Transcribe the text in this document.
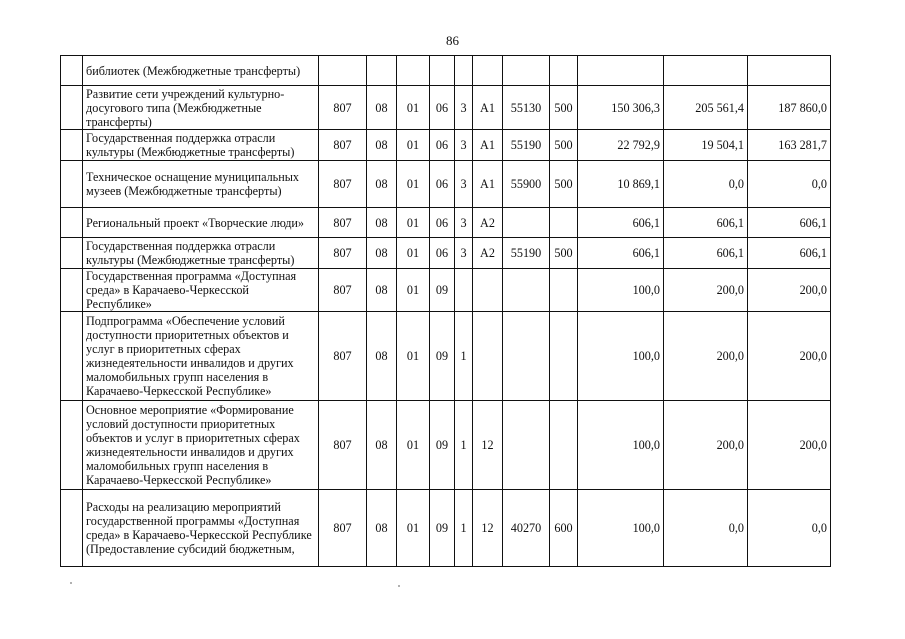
86
	библиотек (Межбюджетные трансферты)											
	Развитие сети учреждений культурно-досугового типа (Межбюджетные трансферты)	807	08	01	06	3	A1	55130	500	150 306,3	205 561,4	187 860,0
	Государственная поддержка отрасли культуры (Межбюджетные трансферты)	807	08	01	06	3	A1	55190	500	22 792,9	19 504,1	163 281,7
	Техническое оснащение муниципальных музеев (Межбюджетные трансферты)	807	08	01	06	3	A1	55900	500	10 869,1	0,0	0,0
	Региональный проект «Творческие люди»	807	08	01	06	3	A2			606,1	606,1	606,1
	Государственная поддержка отрасли культуры (Межбюджетные трансферты)	807	08	01	06	3	A2	55190	500	606,1	606,1	606,1
	Государственная программа «Доступная среда» в Карачаево-Черкесской Республике»	807	08	01	09					100,0	200,0	200,0
	Подпрограмма «Обеспечение условий доступности приоритетных объектов и услуг в приоритетных сферах жизнедеятельности инвалидов и других маломобильных групп населения в Карачаево-Черкесской Республике»	807	08	01	09	1				100,0	200,0	200,0
	Основное мероприятие «Формирование условий доступности приоритетных объектов и услуг в приоритетных сферах жизнедеятельности инвалидов и других маломобильных групп населения в Карачаево-Черкесской Республике»	807	08	01	09	1	12			100,0	200,0	200,0
	Расходы на реализацию мероприятий государственной программы «Доступная среда» в Карачаево-Черкесской Республике (Предоставление субсидий бюджетным,	807	08	01	09	1	12	40270	600	100,0	0,0	0,0
